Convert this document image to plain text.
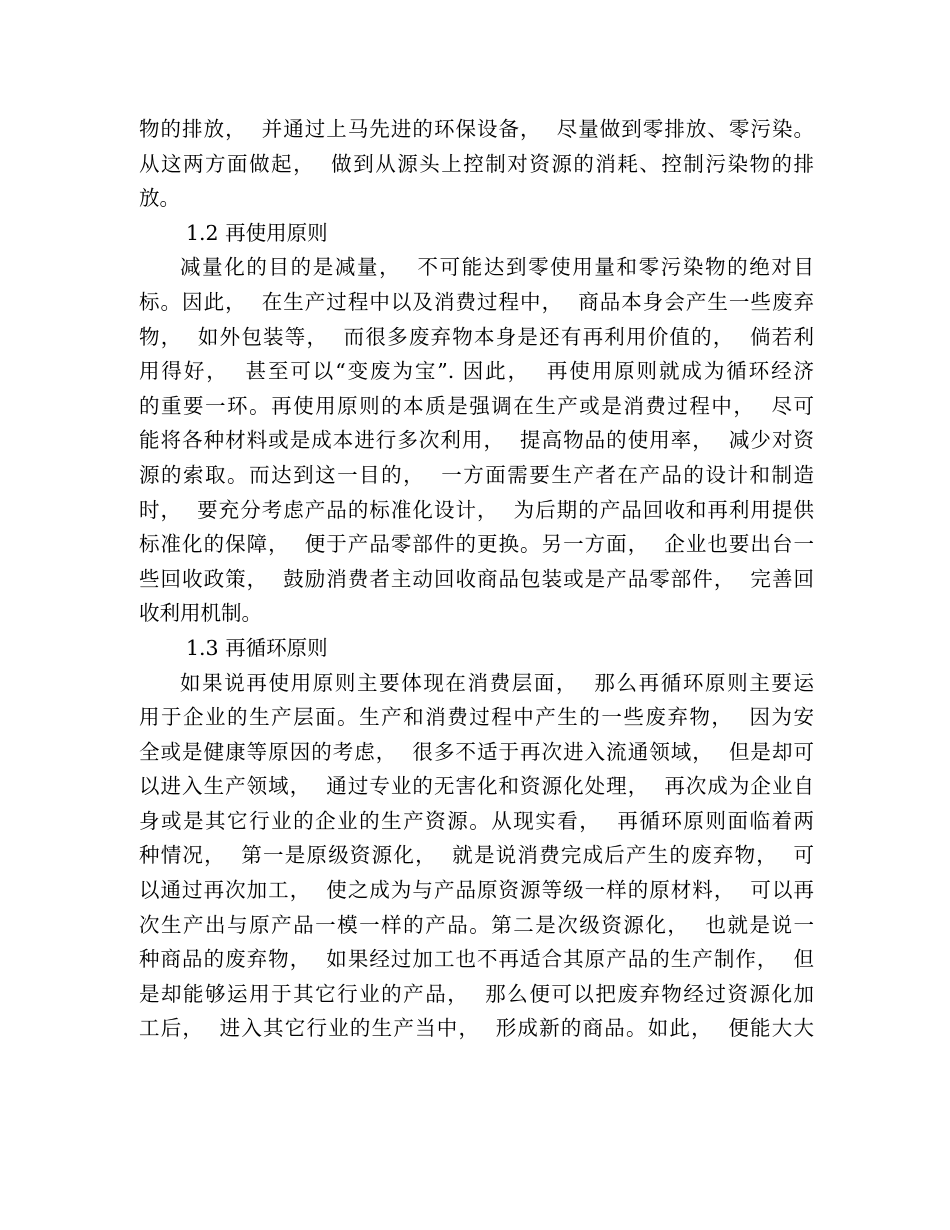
物的排放，  并通过上马先进的环保设备，  尽量做到零排放、零污染。
从这两方面做起，  做到从源头上控制对资源的消耗、控制污染物的排
放。
1.2 再使用原则
减量化的目的是减量，  不可能达到零使用量和零污染物的绝对目
标。因此，  在生产过程中以及消费过程中，  商品本身会产生一些废弃
物，  如外包装等，  而很多废弃物本身是还有再利用价值的，  倘若利
用得好，  甚至可以“变废为宝”. 因此，  再使用原则就成为循环经济
的重要一环。再使用原则的本质是强调在生产或是消费过程中，  尽可
能将各种材料或是成本进行多次利用，  提高物品的使用率，  减少对资
源的索取。而达到这一目的，  一方面需要生产者在产品的设计和制造
时，  要充分考虑产品的标准化设计，  为后期的产品回收和再利用提供
标准化的保障，  便于产品零部件的更换。另一方面，  企业也要出台一
些回收政策，  鼓励消费者主动回收商品包装或是产品零部件，  完善回
收利用机制。
1.3 再循环原则
如果说再使用原则主要体现在消费层面，  那么再循环原则主要运
用于企业的生产层面。生产和消费过程中产生的一些废弃物，  因为安
全或是健康等原因的考虑，  很多不适于再次进入流通领域，  但是却可
以进入生产领域，  通过专业的无害化和资源化处理，  再次成为企业自
身或是其它行业的企业的生产资源。从现实看，  再循环原则面临着两
种情况，  第一是原级资源化，  就是说消费完成后产生的废弃物，  可
以通过再次加工，  使之成为与产品原资源等级一样的原材料，  可以再
次生产出与原产品一模一样的产品。第二是次级资源化，  也就是说一
种商品的废弃物，  如果经过加工也不再适合其原产品的生产制作，  但
是却能够运用于其它行业的产品，  那么便可以把废弃物经过资源化加
工后，  进入其它行业的生产当中，  形成新的商品。如此，  便能大大
